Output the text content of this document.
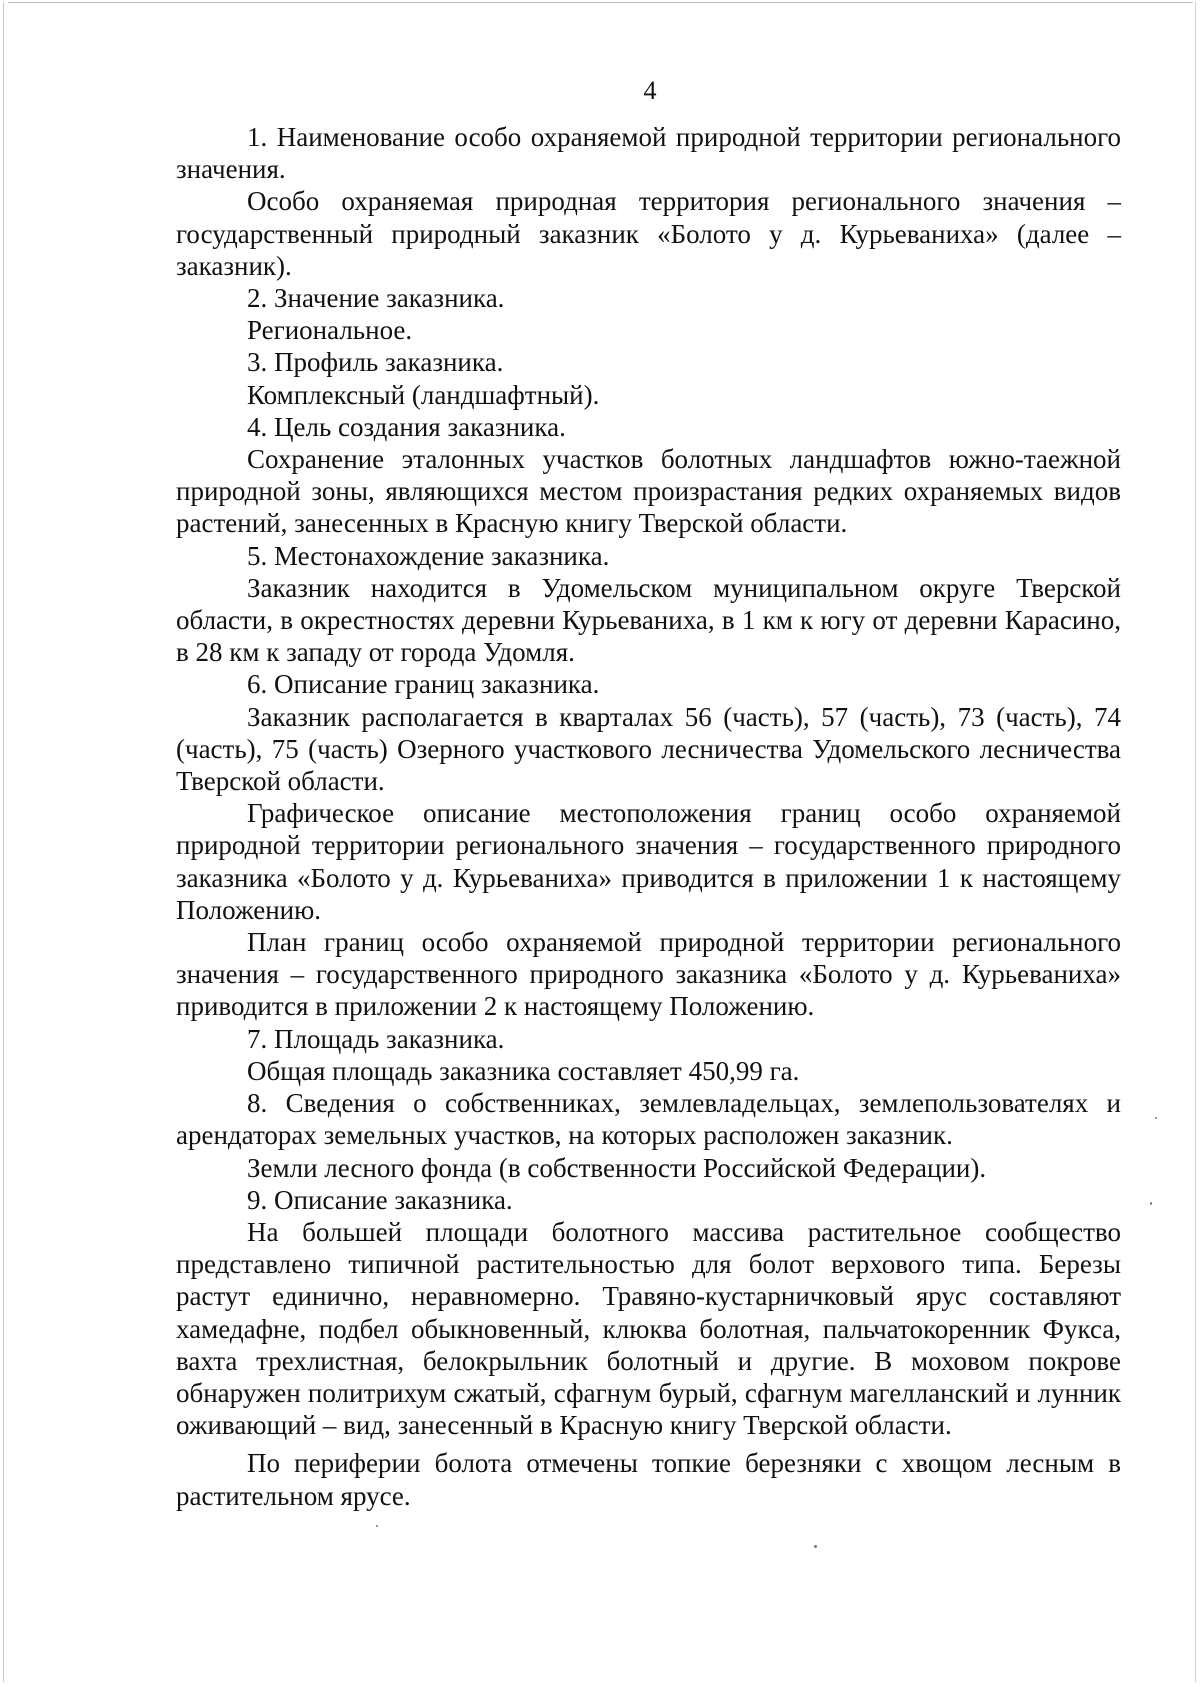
4

1. Наименование особо охраняемой природной территории регионального значения.

Особо охраняемая природная территория регионального значения – государственный природный заказник «Болото у д. Курьеваниха» (далее – заказник).

2. Значение заказника.

Региональное.

3. Профиль заказника.

Комплексный (ландшафтный).

4. Цель создания заказника.

Сохранение эталонных участков болотных ландшафтов южно-таежной природной зоны, являющихся местом произрастания редких охраняемых видов растений, занесенных в Красную книгу Тверской области.

5. Местонахождение заказника.

Заказник находится в Удомельском муниципальном округе Тверской области, в окрестностях деревни Курьеваниха, в 1 км к югу от деревни Карасино, в 28 км к западу от города Удомля.

6. Описание границ заказника.

Заказник располагается в кварталах 56 (часть), 57 (часть), 73 (часть), 74 (часть), 75 (часть) Озерного участкового лесничества Удомельского лесничества Тверской области.

Графическое описание местоположения границ особо охраняемой природной территории регионального значения – государственного природного заказника «Болото у д. Курьеваниха» приводится в приложении 1 к настоящему Положению.

План границ особо охраняемой природной территории регионального значения – государственного природного заказника «Болото у д. Курьеваниха» приводится в приложении 2 к настоящему Положению.

7. Площадь заказника.

Общая площадь заказника составляет 450,99 га.

8. Сведения о собственниках, землевладельцах, землепользователях и арендаторах земельных участков, на которых расположен заказник.

Земли лесного фонда (в собственности Российской Федерации).

9. Описание заказника.

На большей площади болотного массива растительное сообщество представлено типичной растительностью для болот верхового типа. Березы растут единично, неравномерно. Травяно-кустарничковый ярус составляют хамедафне, подбел обыкновенный, клюква болотная, пальчатокоренник Фукса, вахта трехлистная, белокрыльник болотный и другие. В моховом покрове обнаружен политрихум сжатый, сфагнум бурый, сфагнум магелланский и лунник оживающий – вид, занесенный в Красную книгу Тверской области.

По периферии болота отмечены топкие березняки с хвощом лесным в растительном ярусе.
